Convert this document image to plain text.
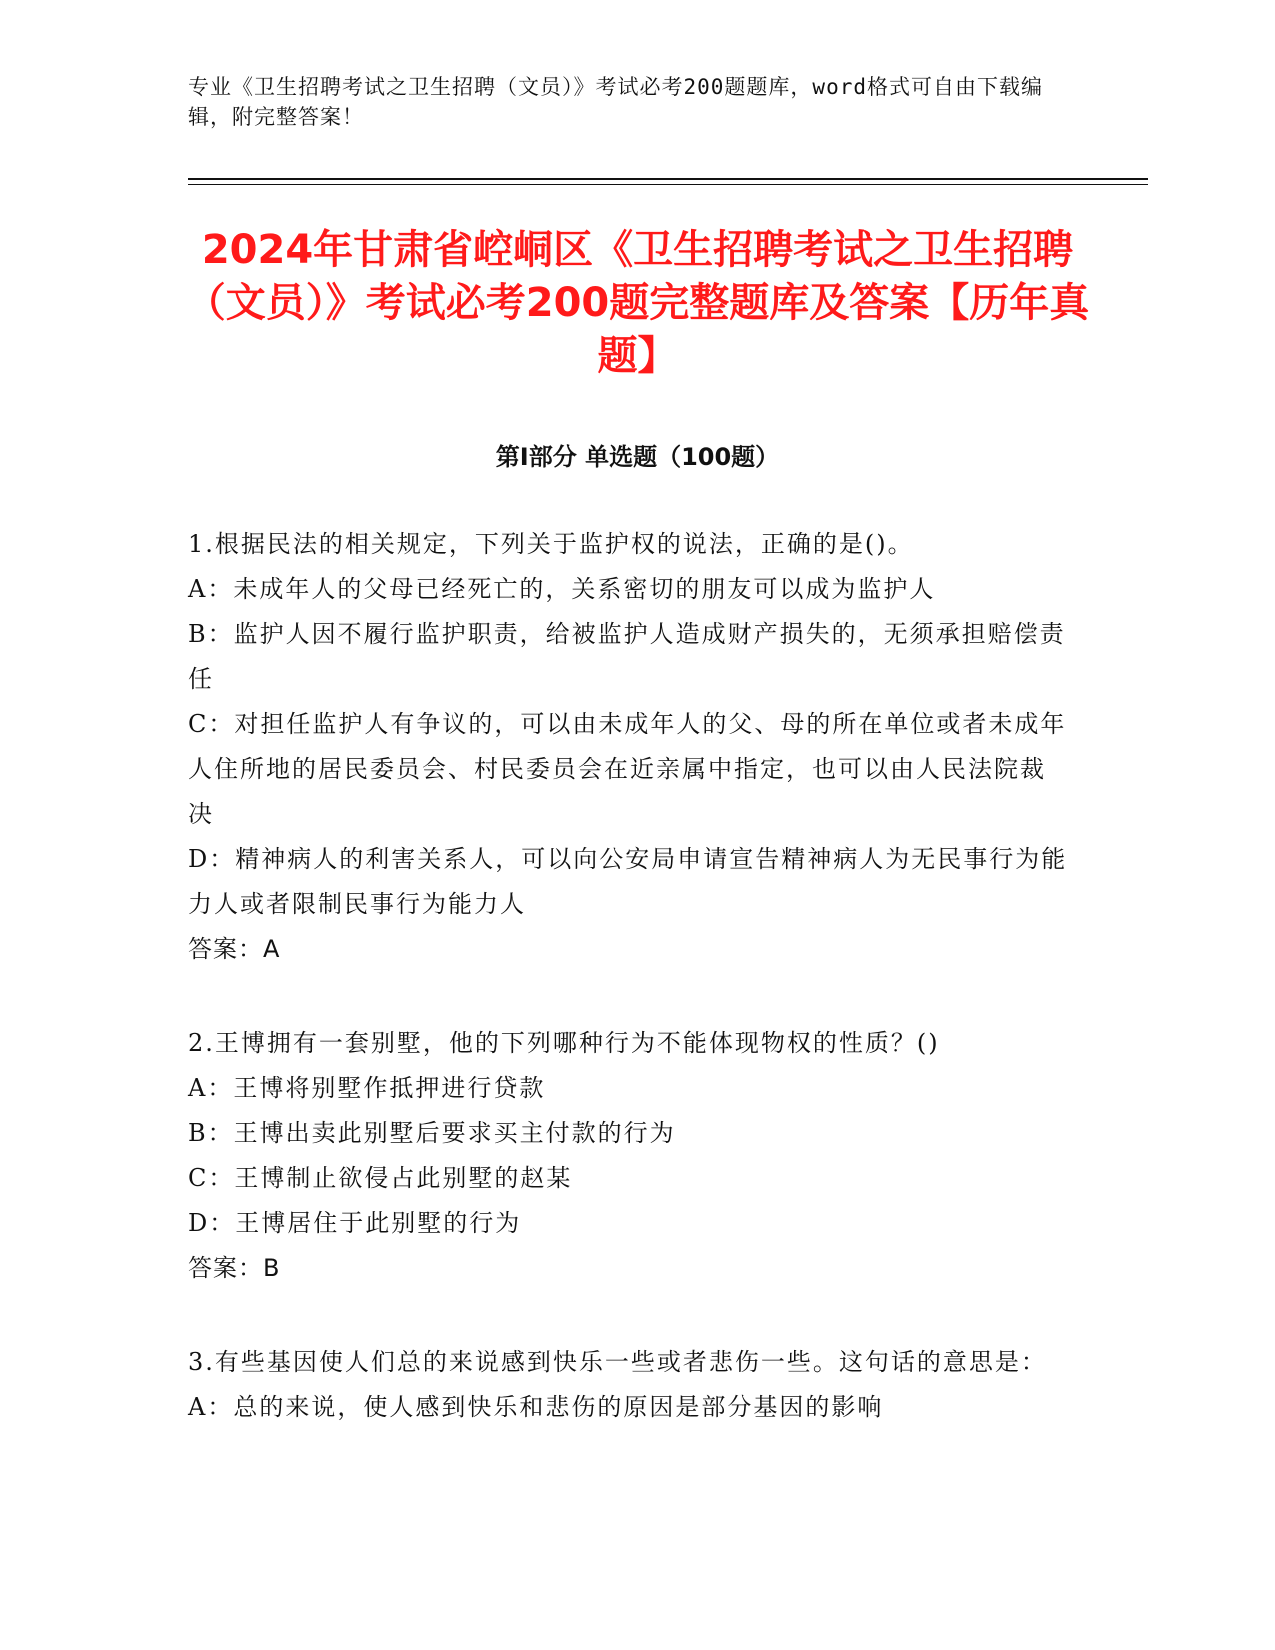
专业《卫生招聘考试之卫生招聘（文员）》考试必考200题题库，word格式可自由下载编辑，附完整答案！
2024年甘肃省崆峒区《卫生招聘考试之卫生招聘（文员）》考试必考200题完整题库及答案【历年真题】
第Ⅰ部分 单选题（100题）

1.根据民法的相关规定，下列关于监护权的说法，正确的是()。

A：未成年人的父母已经死亡的，关系密切的朋友可以成为监护人

B：监护人因不履行监护职责，给被监护人造成财产损失的，无须承担赔偿责任

C：对担任监护人有争议的，可以由未成年人的父、母的所在单位或者未成年人住所地的居民委员会、村民委员会在近亲属中指定，也可以由人民法院裁决

D：精神病人的利害关系人，可以向公安局申请宣告精神病人为无民事行为能力人或者限制民事行为能力人

答案：A

2.王博拥有一套别墅，他的下列哪种行为不能体现物权的性质？()

A：王博将别墅作抵押进行贷款

B：王博出卖此别墅后要求买主付款的行为

C：王博制止欲侵占此别墅的赵某

D：王博居住于此别墅的行为

答案：B

3.有些基因使人们总的来说感到快乐一些或者悲伤一些。这句话的意思是：

A：总的来说，使人感到快乐和悲伤的原因是部分基因的影响
